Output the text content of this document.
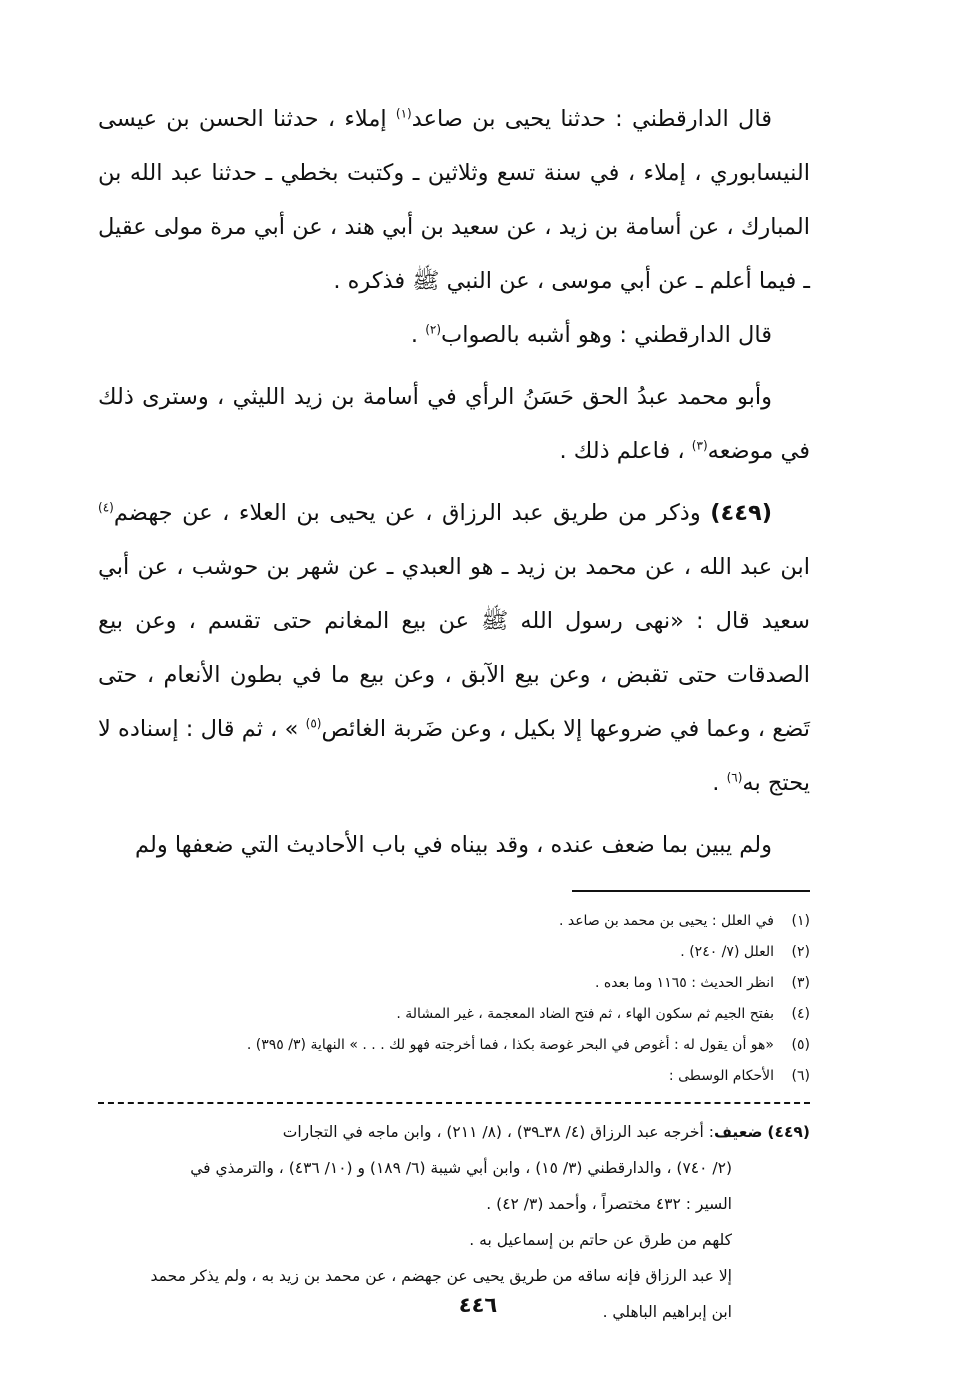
قال الدارقطني : حدثنا يحيى بن صاعد$^{(١)}$ إملاء ، حدثنا الحسن بن عيسى النيسابوري ، إملاء ، في سنة تسع وثلاثين ـ وكتبت بخطي ـ حدثنا عبد الله بن المبارك ، عن أسامة بن زيد ، عن سعيد بن أبي هند ، عن أبي مرة مولى عقيل ـ فيما أعلم ـ عن أبي موسى ، عن النبي ﷺ فذكره .

قال الدارقطني : وهو أشبه بالصواب$^{(٢)}$ .

وأبو محمد عبدُ الحق حَسَنُ الرأي في أسامة بن زيد الليثي ، وسترى ذلك في موضعه$^{(٣)}$ ، فاعلم ذلك .

(٤٤٩) وذكر من طريق عبد الرزاق ، عن يحيى بن العلاء ، عن جهضم$^{(٤)}$ ابن عبد الله ، عن محمد بن زيد ـ هو العبدي ـ عن شهر بن حوشب ، عن أبي سعيد قال : «نهى رسول الله ﷺ عن بيع المغانم حتى تقسم ، وعن بيع الصدقات حتى تقبض ، وعن بيع الآبق ، وعن بيع ما في بطون الأنعام ، حتى تَضع ، وعما في ضروعها إلا بكيل ، وعن ضَربة الغائص$^{(٥)}$ » ، ثم قال : إسناده لا يحتج به$^{(٦)}$ .

ولم يبين بما ضعف عنده ، وقد بيناه في باب الأحاديث التي ضعفها ولم

(١)
في العلل : يحيى بن محمد بن صاعد .
(٢)
العلل (٧/ ٢٤٠) .
(٣)
انظر الحديث : ١١٦٥ وما بعده .
(٤)
بفتح الجيم ثم سكون الهاء ، ثم فتح الضاد المعجمة ، غير المشالة .
(٥)
«هو أن يقول له : أغوص في البحر غوصة بكذا ، فما أخرجته فهو لك . . . » النهاية (٣/ ٣٩٥) .
(٦)
الأحكام الوسطى :
(٤٤٩) ضعيف: أخرجه عبد الرزاق (٤/ ٣٨ـ٣٩) ، (٨/ ٢١١) ، وابن ماجه في التجارات
(٢/ ٧٤٠) ، والدارقطني (٣/ ١٥) ، وابن أبي شيبة (٦/ ١٨٩) و (١٠/ ٤٣٦) ، والترمذي في
السير : ٤٣٢ مختصراً ، وأحمد (٣/ ٤٢) .
كلهم من طرق عن حاتم بن إسماعيل به .
إلا عبد الرزاق فإنه ساقه من طريق يحيى عن جهضم ، عن محمد بن زيد به ، ولم يذكر محمد
ابن إبراهيم الباهلي .
٤٤٦
